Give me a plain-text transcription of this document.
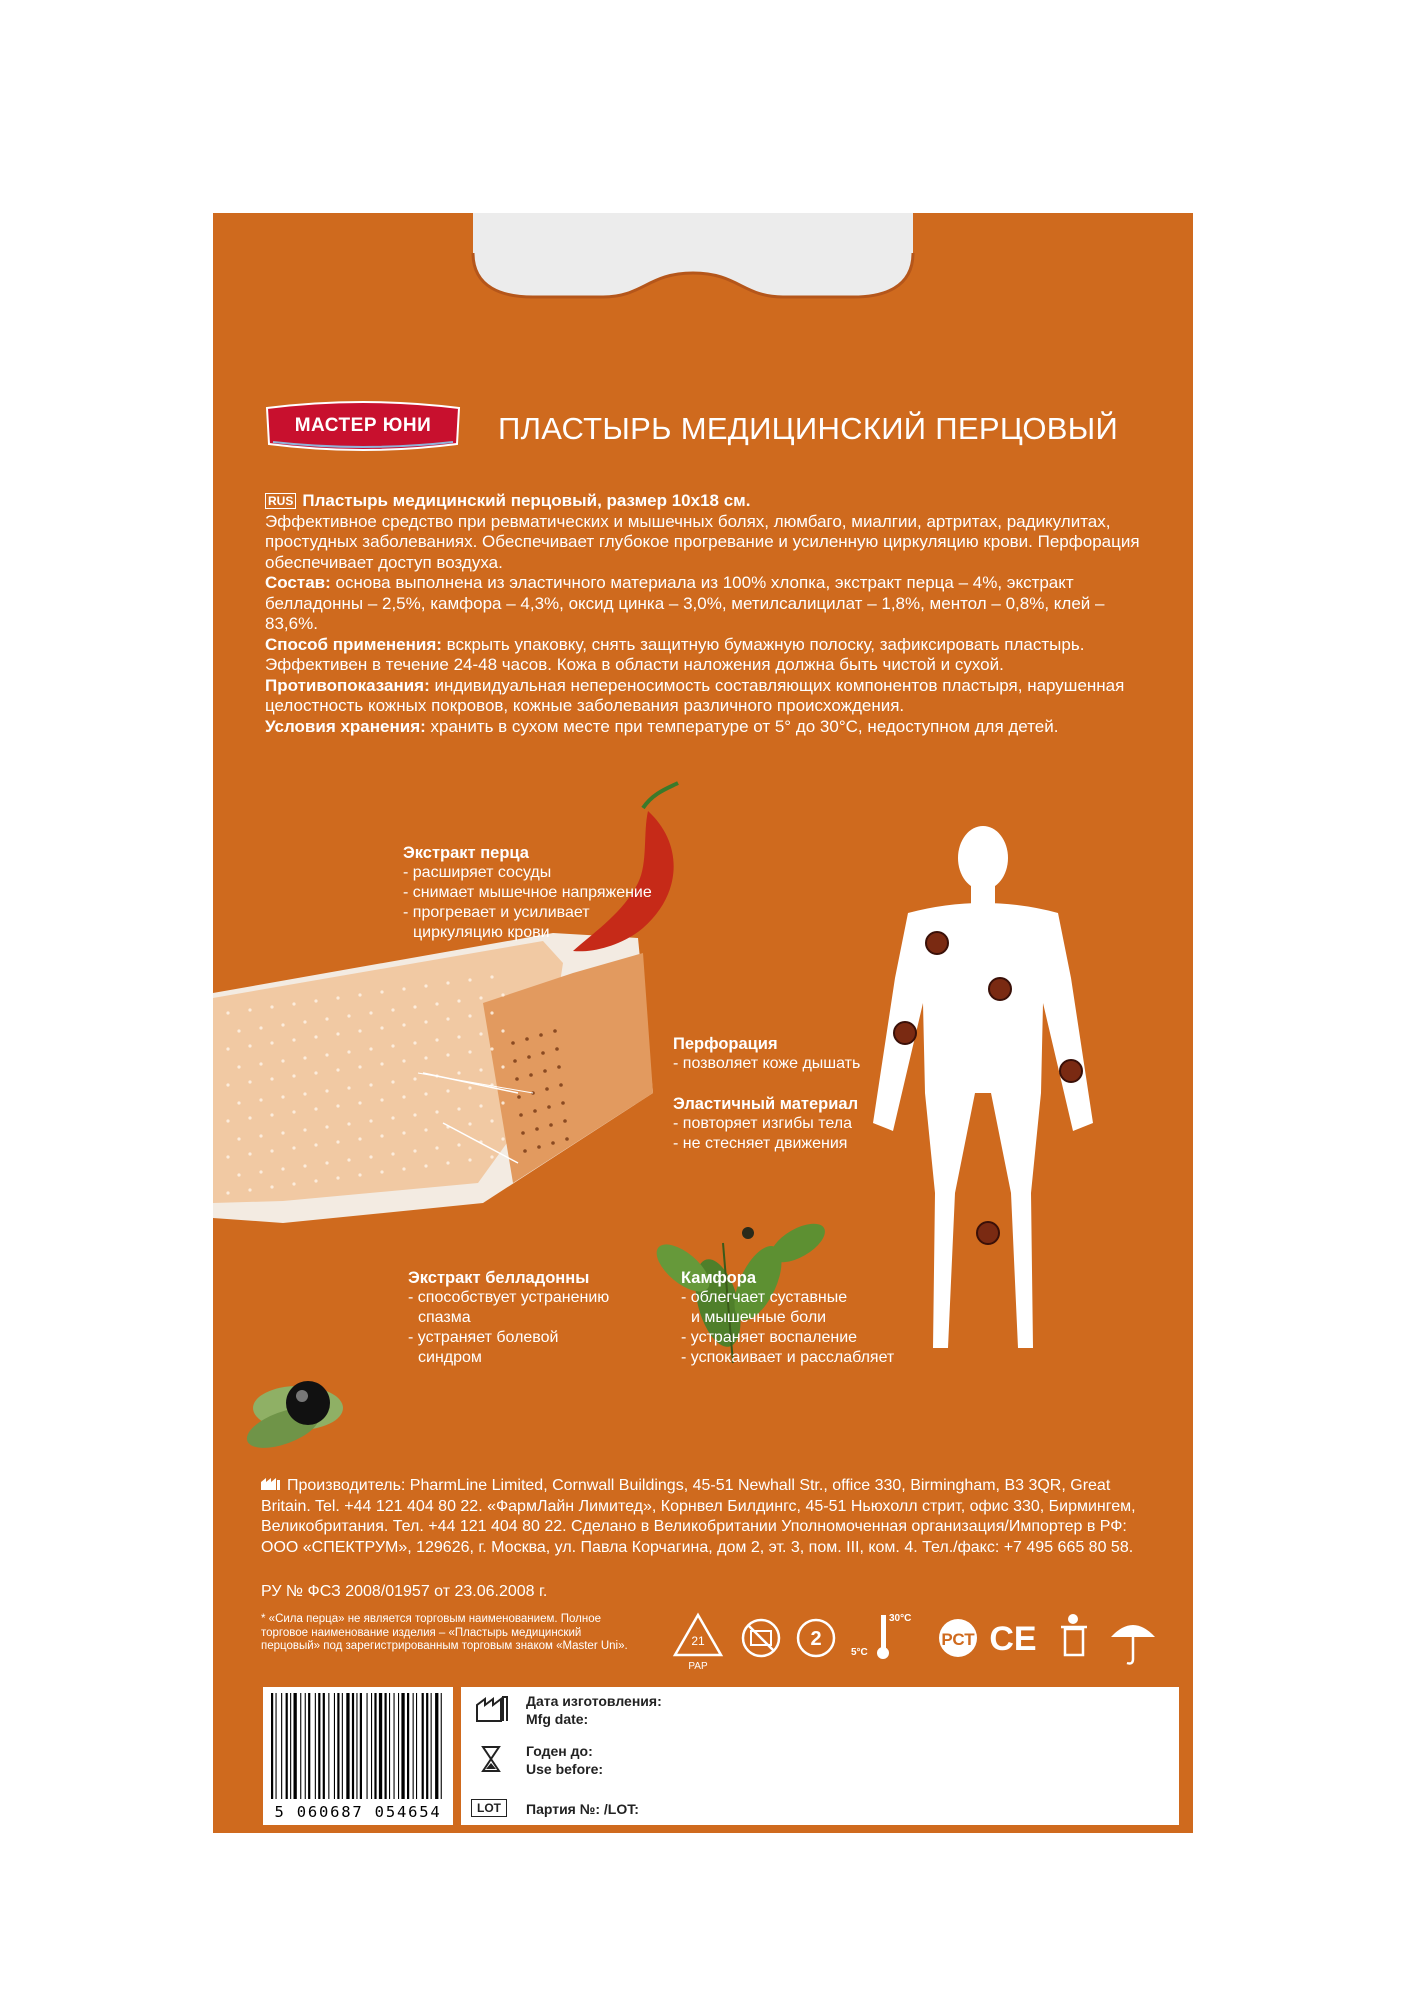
МАСТЕР ЮНИ	ПЛАСТЫРЬ МЕДИЦИНСКИЙ ПЕРЦОВЫЙ

RUS Пластырь медицинский перцовый, размер 10х18 см.

Эффективное средство при ревматических и мышечных болях, люмбаго, миалгии, артритах, радикулитах, простудных заболеваниях. Обеспечивает глубокое прогревание и усиленную циркуляцию крови. Перфорация обеспечивает доступ воздуха.

Состав: основа выполнена из эластичного материала из 100% хлопка, экстракт перца – 4%, экстракт белладонны – 2,5%, камфора – 4,3%, оксид цинка – 3,0%, метилсалицилат – 1,8%, ментол – 0,8%, клей – 83,6%.

Способ применения: вскрыть упаковку, снять защитную бумажную полоску, зафиксировать пластырь. Эффективен в течение 24-48 часов. Кожа в области наложения должна быть чистой и сухой.

Противопоказания: индивидуальная непереносимость составляющих компонентов пластыря, нарушенная целостность кожных покровов, кожные заболевания различного происхождения.

Условия хранения: хранить в сухом месте при температуре от 5° до 30°С, недоступном для детей.

Экстракт перца
- расширяет сосуды
- снимает мышечное напряжение
- прогревает и усиливает
циркуляцию крови
Перфорация
- позволяет коже дышать
Эластичный материал
- повторяет изгибы тела
- не стесняет движения
Экстракт белладонны
- способствует устранению
спазма
- устраняет болевой
синдром
Камфора
- облегчает суставные
и мышечные боли
- устраняет воспаление
- успокаивает и расслабляет
Производитель: PharmLine Limited, Cornwall Buildings, 45-51 Newhall Str., office 330, Birmingham, B3 3QR, Great Britain. Tel. +44 121 404 80 22. «ФармЛайн Лимитед», Корнвел Билдингс, 45-51 Ньюхолл стрит, офис 330, Бирмингем, Великобритания. Тел. +44 121 404 80 22. Сделано в Великобритании Уполномоченная организация/Импортер в РФ: ООО «СПЕКТРУМ», 129626, г. Москва, ул. Павла Корчагина, дом 2, эт. 3, пом. III, ком. 4. Тел./факс: +7 495 665 80 58.
РУ № ФСЗ 2008/01957 от 23.06.2008 г.
* «Сила перца» не является торговым наименованием. Полное торговое наименование изделия – «Пластырь медицинский перцовый» под зарегистрированным торговым знаком «Master Uni».	21
PAP
2
30°C
5°C
РСТ CE
5 060687 054654
Дата изготовления:
Mfg date:
Годен до:
Use before:
LOT	Партия №: /LOT:
